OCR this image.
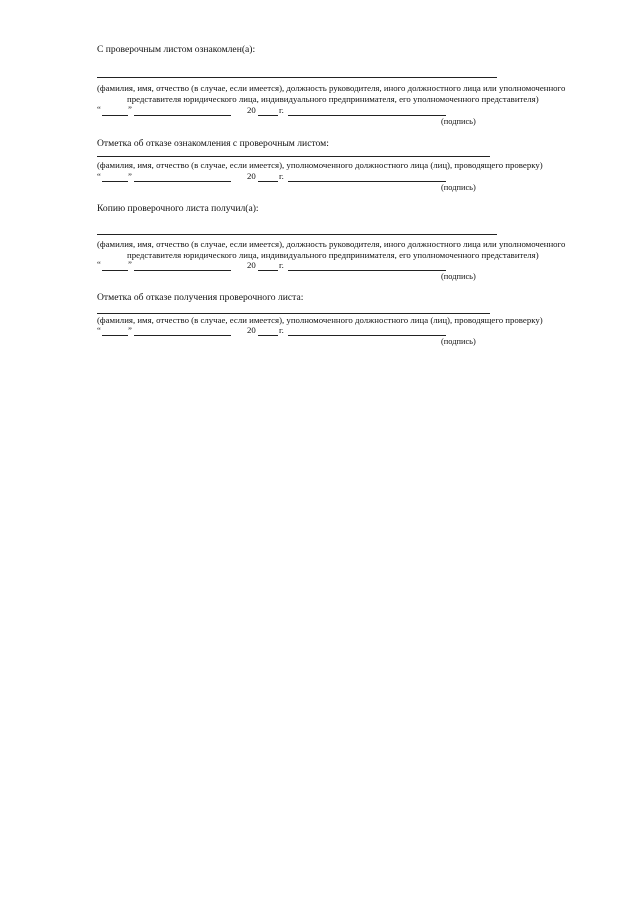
С проверочным листом ознакомлен(а):
(фамилия, имя, отчество (в случае, если имеется), должность руководителя, иного должностного лица или уполномоченного
представителя юридического лица, индивидуального предпринимателя, его уполномоченного представителя)
“	”	20	г.
(подпись)
Отметка об отказе ознакомления с проверочным листом:
(фамилия, имя, отчество (в случае, если имеется), уполномоченного должностного лица (лиц), проводящего проверку)
“	”	20	г.
(подпись)
Копию проверочного листа получил(а):
(фамилия, имя, отчество (в случае, если имеется), должность руководителя, иного должностного лица или уполномоченного
представителя юридического лица, индивидуального предпринимателя, его уполномоченного представителя)
“	”	20	г.
(подпись)
Отметка об отказе получения проверочного листа:
(фамилия, имя, отчество (в случае, если имеется), уполномоченного должностного лица (лиц), проводящего проверку)
“	”	20	г.
(подпись)
